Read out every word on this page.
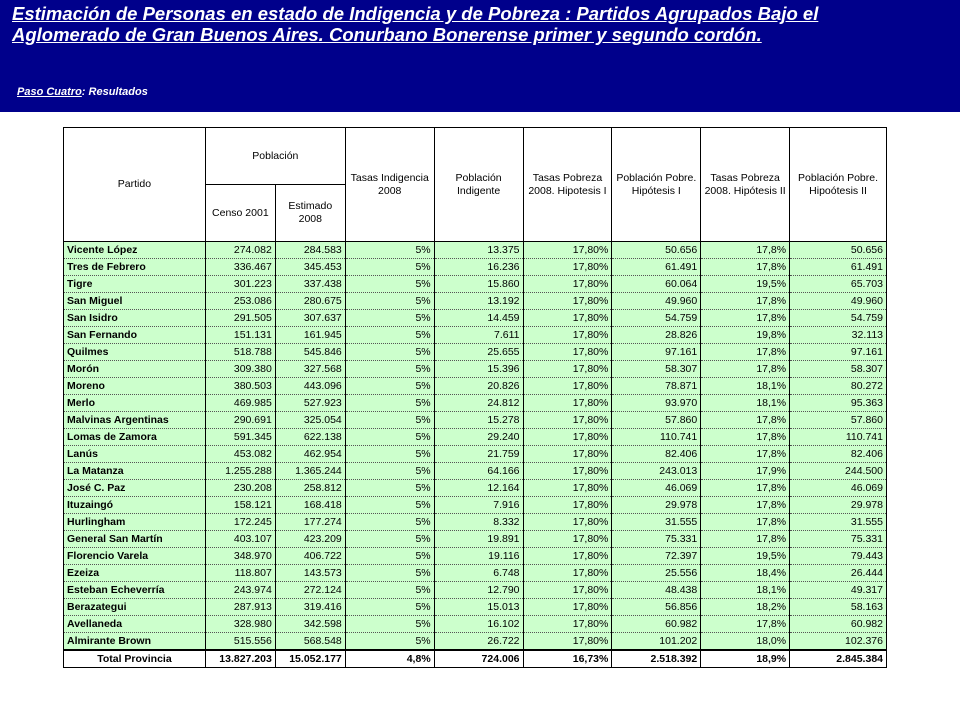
Estimación de Personas en estado de Indigencia y de Pobreza : Partidos Agrupados Bajo el Aglomerado de Gran Buenos Aires. Conurbano Bonerense primer y segundo cordón.
Paso Cuatro: Resultados
Partido	Población		Tasas Indigencia 2008	Población Indigente	Tasas Pobreza 2008. Hipotesis I	Población Pobre. Hipótesis I	Tasas Pobreza 2008. Hipótesis II	Población Pobre. Hipoótesis II
	Censo 2001	Estimado 2008						
Vicente López	274.082	284.583	5%	13.375	17,80%	50.656	17,8%	50.656
Tres de Febrero	336.467	345.453	5%	16.236	17,80%	61.491	17,8%	61.491
Tigre	301.223	337.438	5%	15.860	17,80%	60.064	19,5%	65.703
San Miguel	253.086	280.675	5%	13.192	17,80%	49.960	17,8%	49.960
San Isidro	291.505	307.637	5%	14.459	17,80%	54.759	17,8%	54.759
San Fernando	151.131	161.945	5%	7.611	17,80%	28.826	19,8%	32.113
Quilmes	518.788	545.846	5%	25.655	17,80%	97.161	17,8%	97.161
Morón	309.380	327.568	5%	15.396	17,80%	58.307	17,8%	58.307
Moreno	380.503	443.096	5%	20.826	17,80%	78.871	18,1%	80.272
Merlo	469.985	527.923	5%	24.812	17,80%	93.970	18,1%	95.363
Malvinas Argentinas	290.691	325.054	5%	15.278	17,80%	57.860	17,8%	57.860
Lomas de Zamora	591.345	622.138	5%	29.240	17,80%	110.741	17,8%	110.741
Lanús	453.082	462.954	5%	21.759	17,80%	82.406	17,8%	82.406
La Matanza	1.255.288	1.365.244	5%	64.166	17,80%	243.013	17,9%	244.500
José C. Paz	230.208	258.812	5%	12.164	17,80%	46.069	17,8%	46.069
Ituzaingó	158.121	168.418	5%	7.916	17,80%	29.978	17,8%	29.978
Hurlingham	172.245	177.274	5%	8.332	17,80%	31.555	17,8%	31.555
General San Martín	403.107	423.209	5%	19.891	17,80%	75.331	17,8%	75.331
Florencio Varela	348.970	406.722	5%	19.116	17,80%	72.397	19,5%	79.443
Ezeiza	118.807	143.573	5%	6.748	17,80%	25.556	18,4%	26.444
Esteban Echeverría	243.974	272.124	5%	12.790	17,80%	48.438	18,1%	49.317
Berazategui	287.913	319.416	5%	15.013	17,80%	56.856	18,2%	58.163
Avellaneda	328.980	342.598	5%	16.102	17,80%	60.982	17,8%	60.982
Almirante Brown	515.556	568.548	5%	26.722	17,80%	101.202	18,0%	102.376
Total Provincia	13.827.203	15.052.177	4,8%	724.006	16,73%	2.518.392	18,9%	2.845.384
